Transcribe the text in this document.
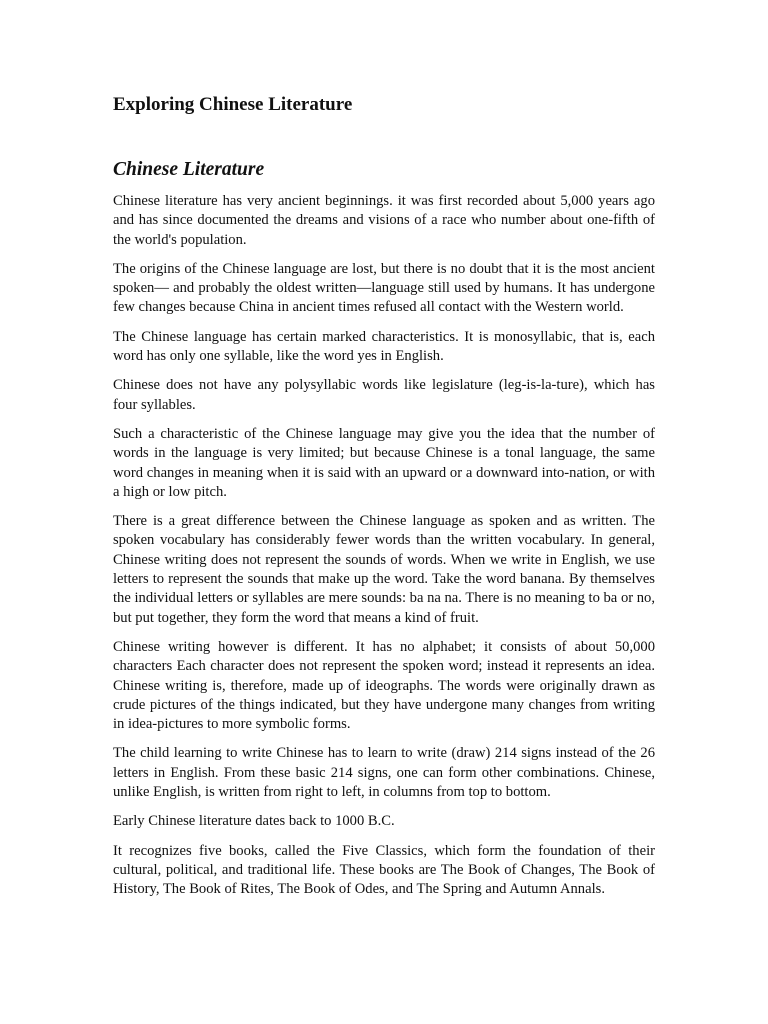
Exploring Chinese Literature
Chinese Literature

Chinese literature has very ancient beginnings. it was first recorded about 5,000 years ago and has since documented the dreams and visions of a race who number about one-fifth of the world's population.

The origins of the Chinese language are lost, but there is no doubt that it is the most ancient spoken— and probably the oldest written—language still used by humans. It has undergone few changes because China in ancient times refused all contact with the Western world.

The Chinese language has certain marked characteristics. It is monosyllabic, that is, each word has only one syllable, like the word yes in English.

Chinese does not have any polysyllabic words like legislature (leg-is-la-ture), which has four syllables.

Such a characteristic of the Chinese language may give you the idea that the number of words in the language is very limited; but because Chinese is a tonal language, the same word changes in meaning when it is said with an upward or a downward into-nation, or with a high or low pitch.

There is a great difference between the Chinese language as spoken and as written. The spoken vocabulary has considerably fewer words than the written vocabulary. In general, Chinese writing does not represent the sounds of words. When we write in English, we use letters to represent the sounds that make up the word. Take the word banana. By themselves the individual letters or syllables are mere sounds: ba na na. There is no meaning to ba or no, but put together, they form the word that means a kind of fruit.

Chinese writing however is different. It has no alphabet; it consists of about 50,000 characters Each character does not represent the spoken word; instead it represents an idea. Chinese writing is, therefore, made up of ideographs. The words were originally drawn as crude pictures of the things indicated, but they have undergone many changes from writing in idea-pictures to more symbolic forms.

The child learning to write Chinese has to learn to write (draw) 214 signs instead of the 26 letters in English. From these basic 214 signs, one can form other combinations. Chinese, unlike English, is written from right to left, in columns from top to bottom.

Early Chinese literature dates back to 1000 B.C.

It recognizes five books, called the Five Classics, which form the foundation of their cultural, political, and traditional life. These books are The Book of Changes, The Book of History, The Book of Rites, The Book of Odes, and The Spring and Autumn Annals.
